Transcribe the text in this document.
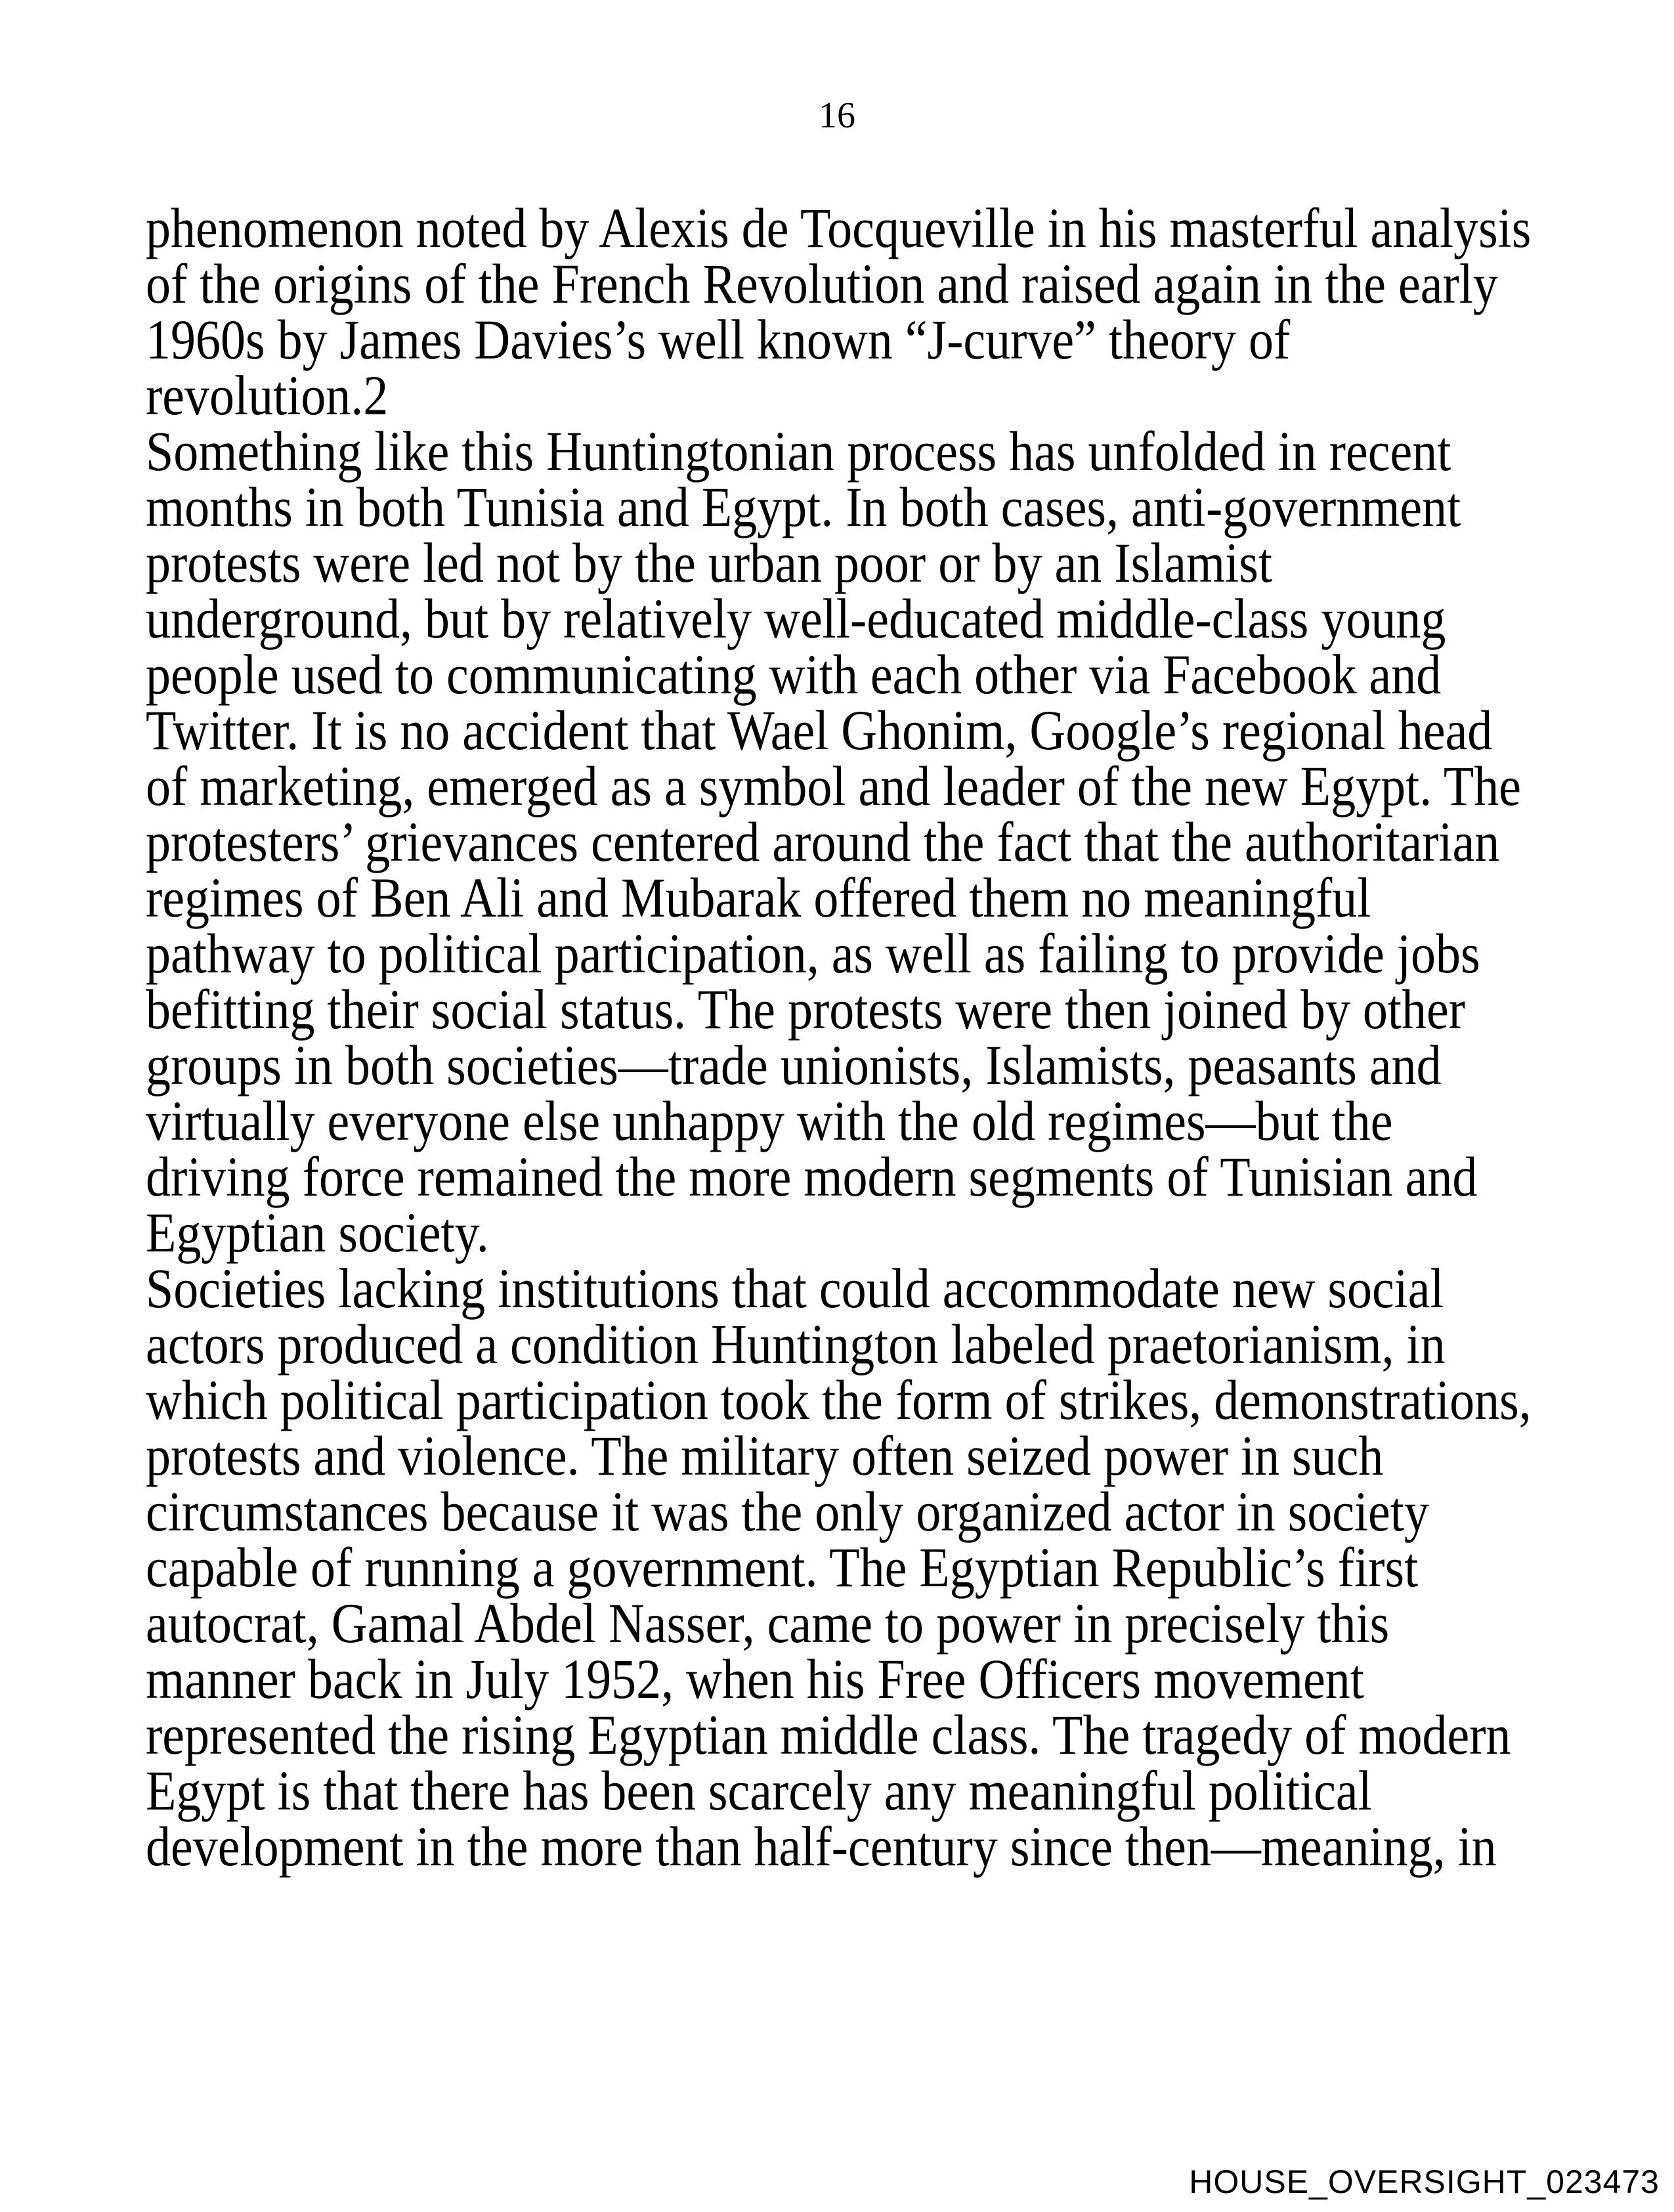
16

phenomenon noted by Alexis de Tocqueville in his masterful analysis
of the origins of the French Revolution and raised again in the early
1960s by James Davies’s well known “J-curve” theory of
revolution.2

Something like this Huntingtonian process has unfolded in recent
months in both Tunisia and Egypt. In both cases, anti-government
protests were led not by the urban poor or by an Islamist
underground, but by relatively well-educated middle-class young
people used to communicating with each other via Facebook and
Twitter. It is no accident that Wael Ghonim, Google’s regional head
of marketing, emerged as a symbol and leader of the new Egypt. The
protesters’ grievances centered around the fact that the authoritarian
regimes of Ben Ali and Mubarak offered them no meaningful
pathway to political participation, as well as failing to provide jobs
befitting their social status. The protests were then joined by other
groups in both societies—trade unionists, Islamists, peasants and
virtually everyone else unhappy with the old regimes—but the
driving force remained the more modern segments of Tunisian and
Egyptian society.

Societies lacking institutions that could accommodate new social
actors produced a condition Huntington labeled praetorianism, in
which political participation took the form of strikes, demonstrations,
protests and violence. The military often seized power in such
circumstances because it was the only organized actor in society
capable of running a government. The Egyptian Republic’s first
autocrat, Gamal Abdel Nasser, came to power in precisely this
manner back in July 1952, when his Free Officers movement
represented the rising Egyptian middle class. The tragedy of modern
Egypt is that there has been scarcely any meaningful political
development in the more than half-century since then—meaning, in

HOUSE_OVERSIGHT_023473
